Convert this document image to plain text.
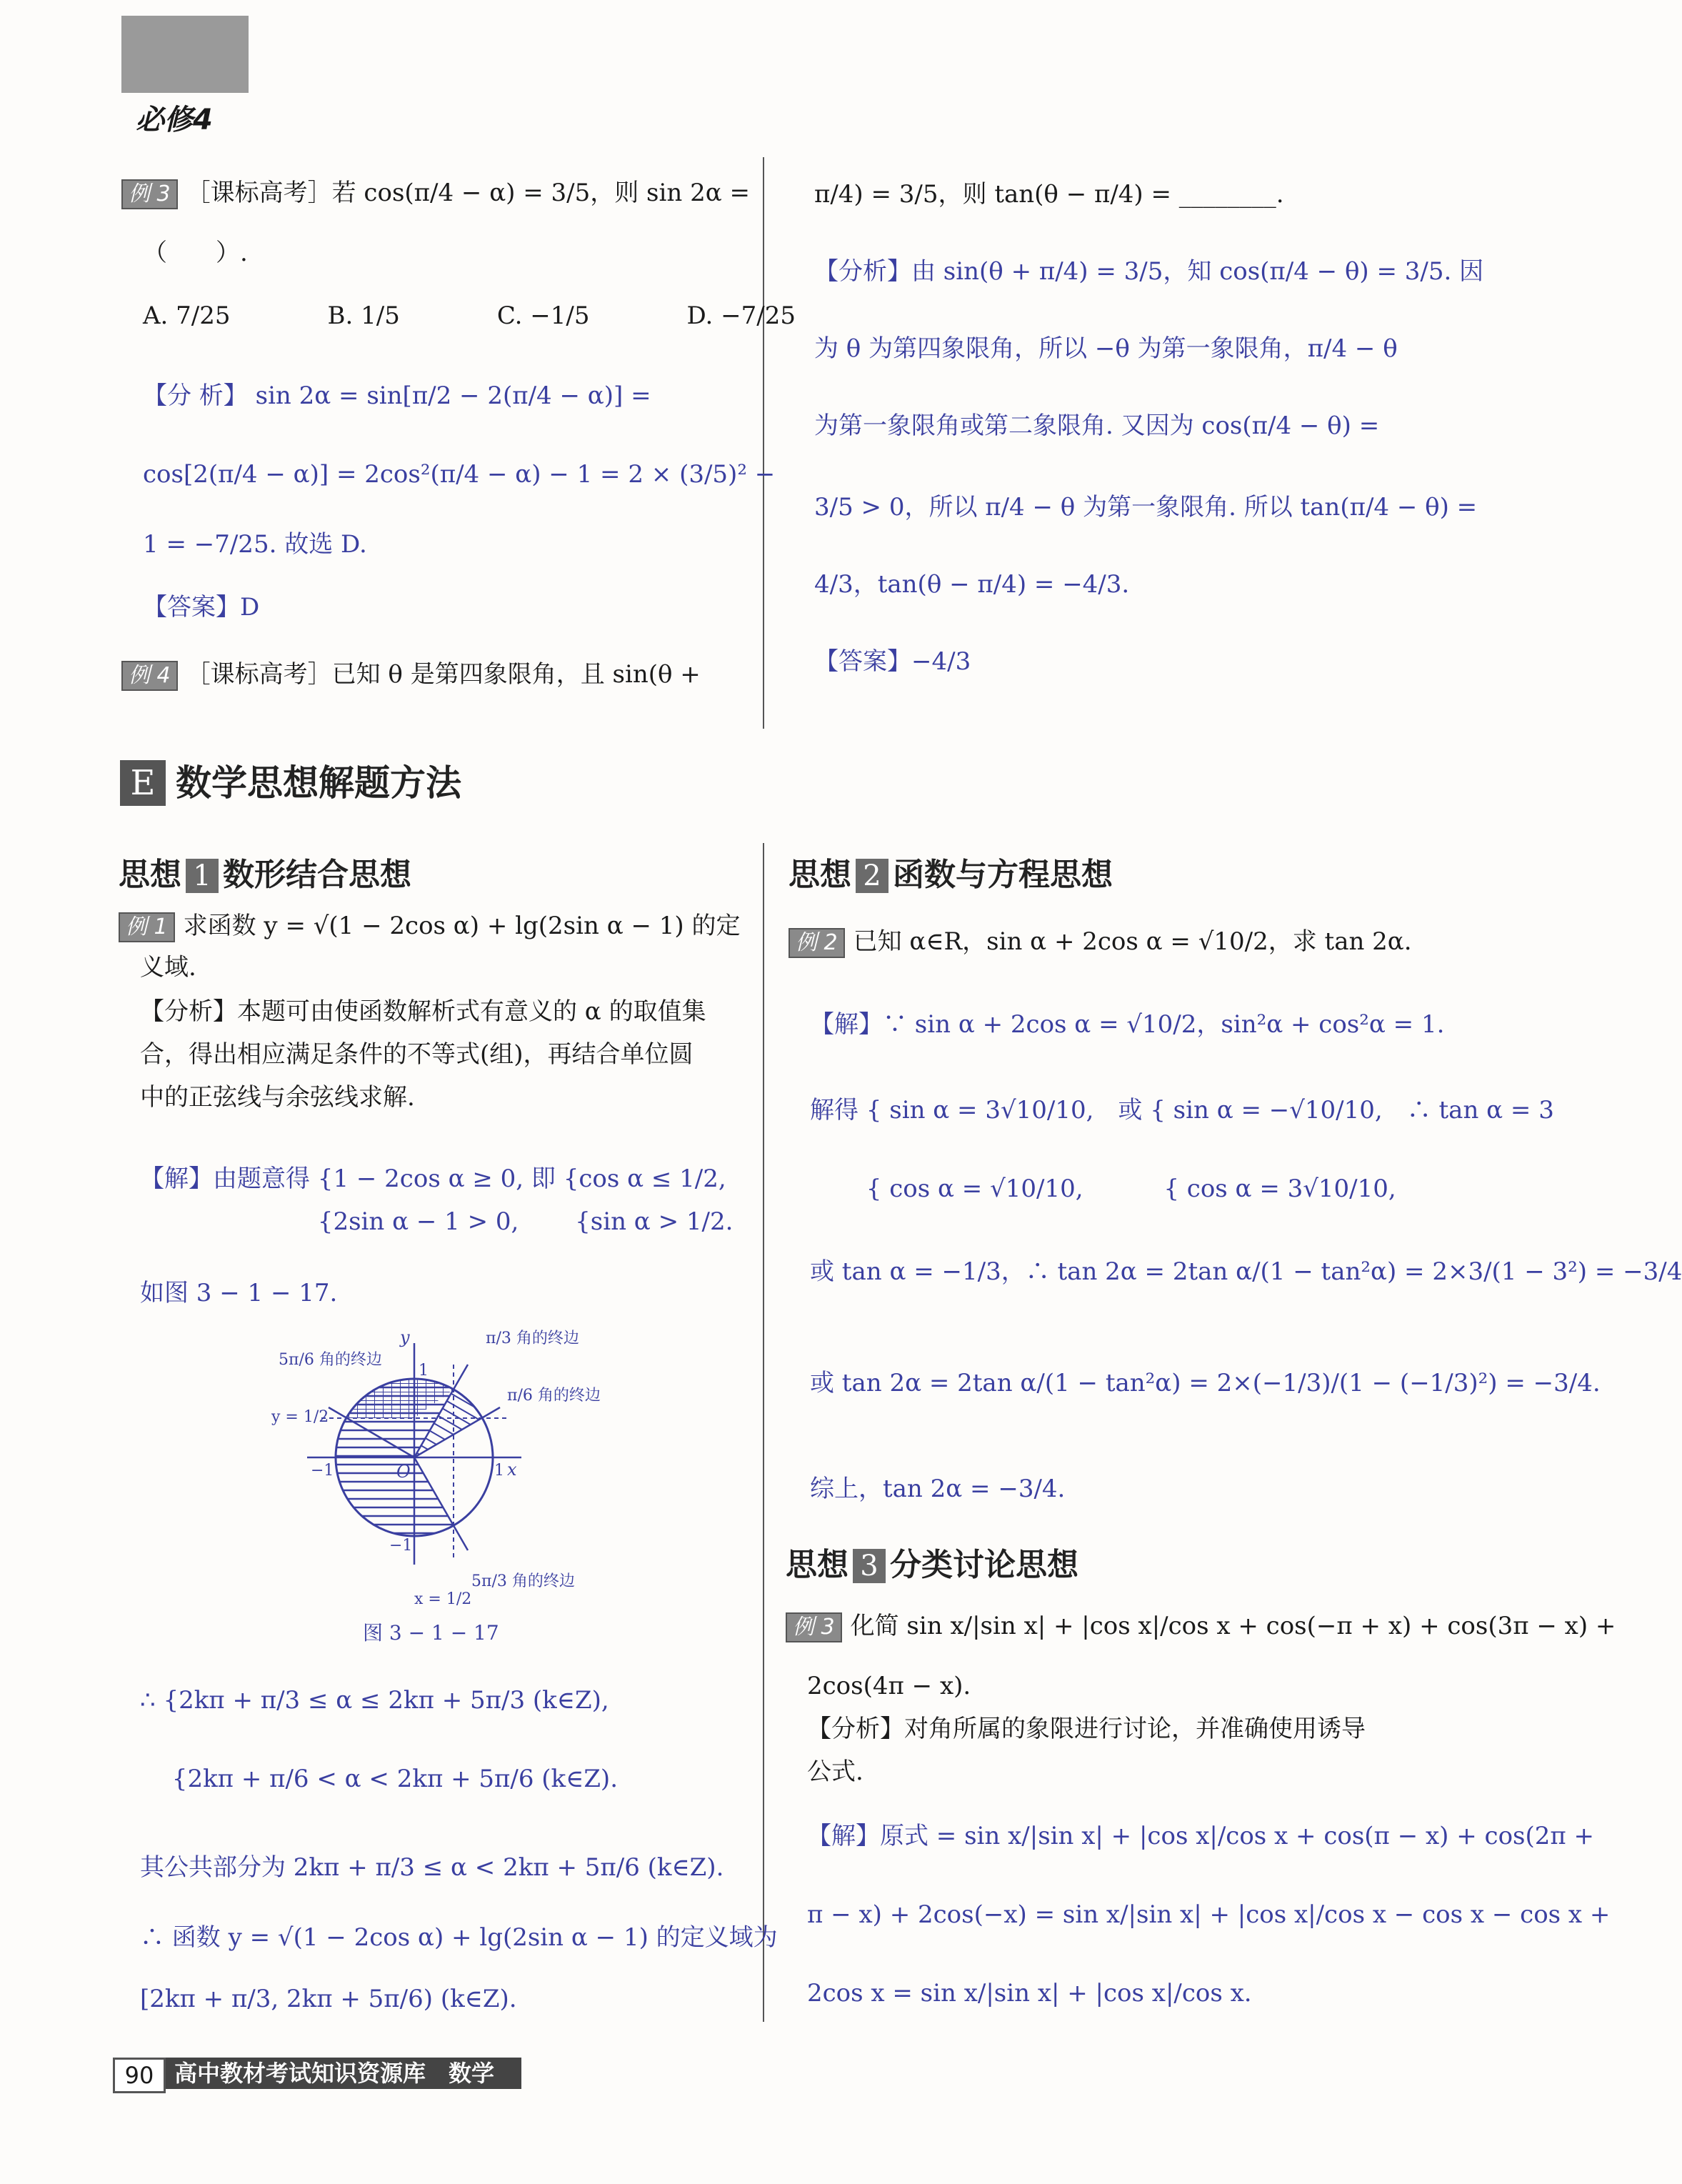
必修4
例 3 ［课标高考］若 cos(π/4 − α) = 3/5，则 sin 2α =
（　　）.
A. 7/25　　　　B. 1/5　　　　C. −1/5　　　　D. −7/25
【分 析】 sin 2α = sin[π/2 − 2(π/4 − α)] =
cos[2(π/4 − α)] = 2cos²(π/4 − α) − 1 = 2 × (3/5)² −
1 = −7/25. 故选 D.
【答案】D
例 4 ［课标高考］已知 θ 是第四象限角，且 sin(θ +
π/4) = 3/5，则 tan(θ − π/4) = ________.
【分析】由 sin(θ + π/4) = 3/5，知 cos(π/4 − θ) = 3/5. 因
为 θ 为第四象限角，所以 −θ 为第一象限角，π/4 − θ
为第一象限角或第二象限角. 又因为 cos(π/4 − θ) =
3/5 > 0，所以 π/4 − θ 为第一象限角. 所以 tan(π/4 − θ) =
4/3，tan(θ − π/4) = −4/3.
【答案】−4/3
E 数学思想解题方法
思想 1 数形结合思想
例 1 求函数 y = √(1 − 2cos α) + lg(2sin α − 1) 的定
义域.
【分析】本题可由使函数解析式有意义的 α 的取值集
合，得出相应满足条件的不等式(组)，再结合单位圆
中的正弦线与余弦线求解.
【解】由题意得 {1 − 2cos α ≥ 0, 即 {cos α ≤ 1/2,
　　　　　　　 {2sin α − 1 > 0,　　 {sin α > 1/2.
如图 3 − 1 − 17.
5π/6 角的终边
π/3 角的终边
π/6 角的终边
5π/3 角的终边
y = 1/2
x = 1/2
y
x
O	1
−1
1
−1
图 3 − 1 − 17
∴ {2kπ + π/3 ≤ α ≤ 2kπ + 5π/3 (k∈Z),
　 {2kπ + π/6 < α < 2kπ + 5π/6 (k∈Z).
其公共部分为 2kπ + π/3 ≤ α < 2kπ + 5π/6 (k∈Z).
∴ 函数 y = √(1 − 2cos α) + lg(2sin α − 1) 的定义域为
[2kπ + π/3, 2kπ + 5π/6) (k∈Z).
思想 2 函数与方程思想
例 2 已知 α∈R，sin α + 2cos α = √10/2，求 tan 2α.
【解】∵ sin α + 2cos α = √10/2，sin²α + cos²α = 1.
解得 { sin α = 3√10/10,　或 { sin α = −√10/10,　∴ tan α = 3
　　 { cos α = √10/10,　　　 { cos α = 3√10/10,
或 tan α = −1/3，∴ tan 2α = 2tan α/(1 − tan²α) = 2×3/(1 − 3²) = −3/4
或 tan 2α = 2tan α/(1 − tan²α) = 2×(−1/3)/(1 − (−1/3)²) = −3/4.
综上，tan 2α = −3/4.
思想 3 分类讨论思想
例 3 化简 sin x/|sin x| + |cos x|/cos x + cos(−π + x) + cos(3π − x) +
2cos(4π − x).
【分析】对角所属的象限进行讨论，并准确使用诱导
公式.
【解】原式 = sin x/|sin x| + |cos x|/cos x + cos(π − x) + cos(2π +
π − x) + 2cos(−x) = sin x/|sin x| + |cos x|/cos x − cos x − cos x +
2cos x = sin x/|sin x| + |cos x|/cos x.
90 高中教材考试知识资源库　数学
